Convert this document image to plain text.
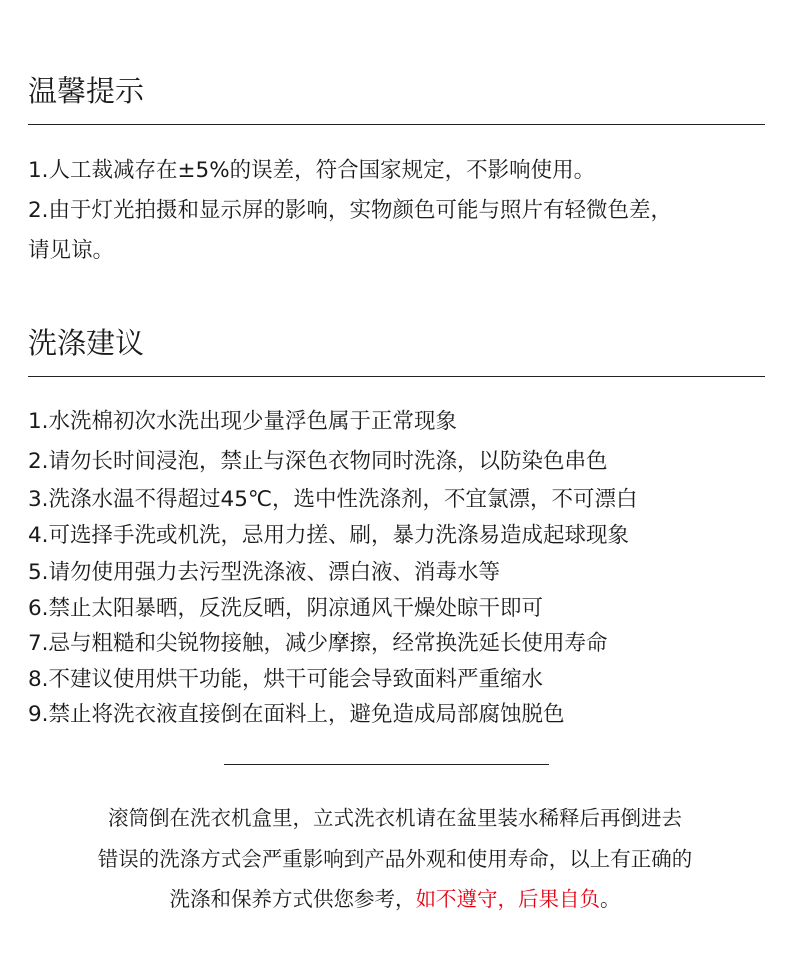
温馨提示

1.人工裁减存在±5%的误差，符合国家规定，不影响使用。

2.由于灯光拍摄和显示屏的影响，实物颜色可能与照片有轻微色差，

请见谅。

洗涤建议

1.水洗棉初次水洗出现少量浮色属于正常现象

2.请勿长时间浸泡，禁止与深色衣物同时洗涤，以防染色串色

3.洗涤水温不得超过45℃，选中性洗涤剂，不宜氯漂，不可漂白

4.可选择手洗或机洗，忌用力搓、刷，暴力洗涤易造成起球现象

5.请勿使用强力去污型洗涤液、漂白液、消毒水等

6.禁止太阳暴晒，反洗反晒，阴凉通风干燥处晾干即可

7.忌与粗糙和尖锐物接触，减少摩擦，经常换洗延长使用寿命

8.不建议使用烘干功能，烘干可能会导致面料严重缩水

9.禁止将洗衣液直接倒在面料上，避免造成局部腐蚀脱色

滚筒倒在洗衣机盒里，立式洗衣机请在盆里装水稀释后再倒进去

错误的洗涤方式会严重影响到产品外观和使用寿命，以上有正确的

洗涤和保养方式供您参考，如不遵守，后果自负。
